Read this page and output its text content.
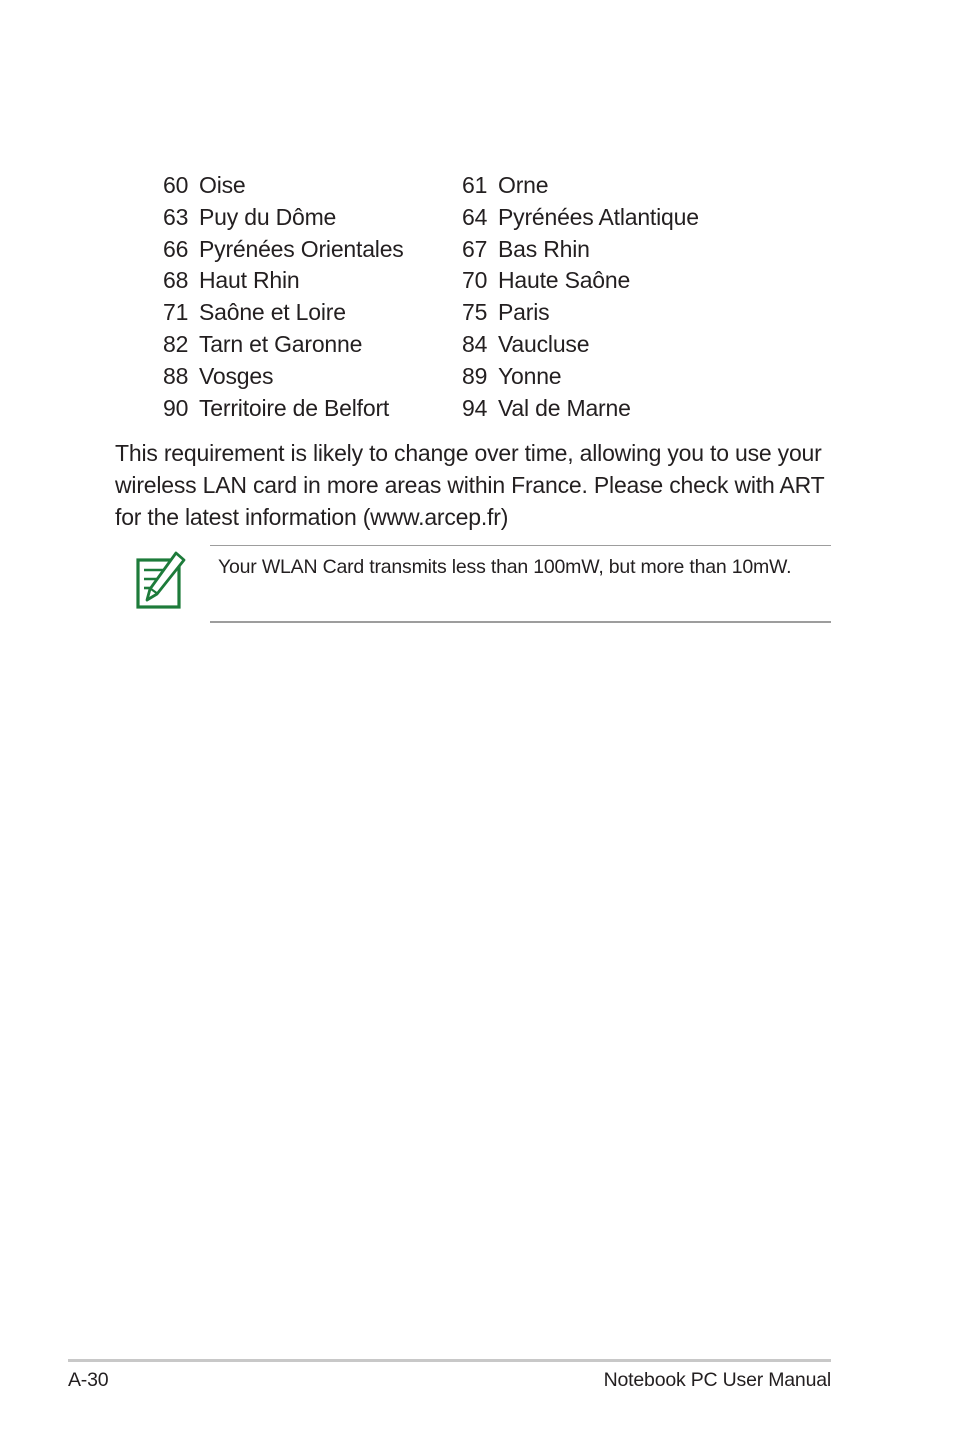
60 Oise	61 Orne
63 Puy du Dôme	64 Pyrénées Atlantique
66 Pyrénées Orientales	67 Bas Rhin
68 Haut Rhin	70 Haute Saône
71 Saône et Loire	75 Paris
82 Tarn et Garonne	84 Vaucluse
88 Vosges	89 Yonne
90 Territoire de Belfort	94 Val de Marne

This requirement is likely to change over time, allowing you to use your wireless LAN card in more areas within France. Please check with ART for the latest information (www.arcep.fr)

Your WLAN Card transmits less than 100mW, but more than 10mW.

A-30	Notebook PC User Manual
